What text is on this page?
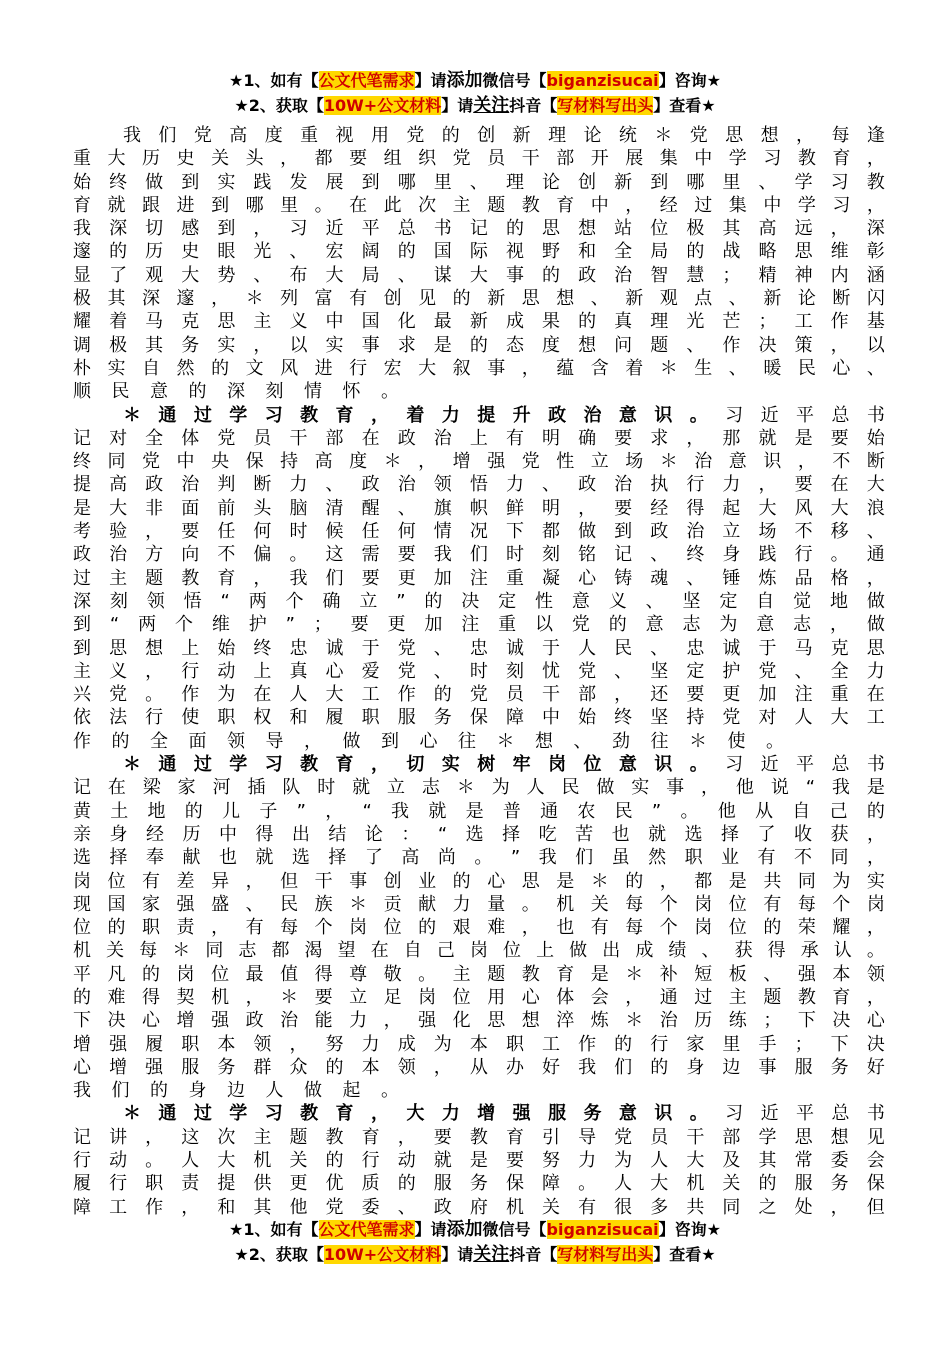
★1、如有【公文代笔需求】请添加微信号【biganzisucai】咨询★
★2、获取【10W+公文材料】请关注抖音【写材料写出头】查看★
我 们 党 高 度 重 视 用 党 的 创 新 理 论 统 ＊ 党 思 想 ， 每 逢
重 大 历 史 关 头 ， 都 要 组 织 党 员 干 部 开 展 集 中 学 习 教 育 ，
始 终 做 到 实 践 发 展 到 哪 里 、 理 论 创 新 到 哪 里 、 学 习 教
育 就 跟 进 到 哪 里 。 在 此 次 主 题 教 育 中 ， 经 过 集 中 学 习 ，
我 深 切 感 到 ， 习 近 平 总 书 记 的 思 想 站 位 极 其 高 远 ， 深
邃 的 历 史 眼 光 、 宏 阔 的 国 际 视 野 和 全 局 的 战 略 思 维 彰
显 了 观 大 势 、 布 大 局 、 谋 大 事 的 政 治 智 慧 ； 精 神 内 涵
极 其 深 邃 ， ＊ 列 富 有 创 见 的 新 思 想 、 新 观 点 、 新 论 断 闪
耀 着 马 克 思 主 义 中 国 化 最 新 成 果 的 真 理 光 芒 ； 工 作 基
调 极 其 务 实 ， 以 实 事 求 是 的 态 度 想 问 题 、 作 决 策 ， 以
朴 实 自 然 的 文 风 进 行 宏 大 叙 事 ， 蕴 含 着 ＊ 生 、 暖 民 心 、
顺 民 意 的 深 刻 情 怀 。
＊ 通 过 学 习 教 育 ， 着 力 提 升 政 治 意 识 。 习 近 平 总 书
记 对 全 体 党 员 干 部 在 政 治 上 有 明 确 要 求 ， 那 就 是 要 始
终 同 党 中 央 保 持 高 度 ＊ ， 增 强 党 性 立 场 ＊ 治 意 识 ， 不 断
提 高 政 治 判 断 力 、 政 治 领 悟 力 、 政 治 执 行 力 ， 要 在 大
是 大 非 面 前 头 脑 清 醒 、 旗 帜 鲜 明 ， 要 经 得 起 大 风 大 浪
考 验 ， 要 任 何 时 候 任 何 情 况 下 都 做 到 政 治 立 场 不 移 、
政 治 方 向 不 偏 。 这 需 要 我 们 时 刻 铭 记 、 终 身 践 行 。 通
过 主 题 教 育 ， 我 们 要 更 加 注 重 凝 心 铸 魂 、 锤 炼 品 格 ，
深 刻 领 悟 “ 两 个 确 立 ” 的 决 定 性 意 义 、 坚 定 自 觉 地 做
到 “ 两 个 维 护 ” ； 要 更 加 注 重 以 党 的 意 志 为 意 志 ， 做
到 思 想 上 始 终 忠 诚 于 党 、 忠 诚 于 人 民 、 忠 诚 于 马 克 思
主 义 ， 行 动 上 真 心 爱 党 、 时 刻 忧 党 、 坚 定 护 党 、 全 力
兴 党 。 作 为 在 人 大 工 作 的 党 员 干 部 ， 还 要 更 加 注 重 在
依 法 行 使 职 权 和 履 职 服 务 保 障 中 始 终 坚 持 党 对 人 大 工
作 的 全 面 领 导 ， 做 到 心 往 ＊ 想 、 劲 往 ＊ 使 。
＊ 通 过 学 习 教 育 ， 切 实 树 牢 岗 位 意 识 。 习 近 平 总 书
记 在 梁 家 河 插 队 时 就 立 志 ＊ 为 人 民 做 实 事 ， 他 说 “ 我 是
黄 土 地 的 儿 子 ” ， “ 我 就 是 普 通 农 民 ” 。 他 从 自 己 的
亲 身 经 历 中 得 出 结 论 ： “ 选 择 吃 苦 也 就 选 择 了 收 获 ，
选 择 奉 献 也 就 选 择 了 高 尚 。 ” 我 们 虽 然 职 业 有 不 同 ，
岗 位 有 差 异 ， 但 干 事 创 业 的 心 思 是 ＊ 的 ， 都 是 共 同 为 实
现 国 家 强 盛 、 民 族 ＊ 贡 献 力 量 。 机 关 每 个 岗 位 有 每 个 岗
位 的 职 责 ， 有 每 个 岗 位 的 艰 难 ， 也 有 每 个 岗 位 的 荣 耀 ，
机 关 每 ＊ 同 志 都 渴 望 在 自 己 岗 位 上 做 出 成 绩 、 获 得 承 认 。
平 凡 的 岗 位 最 值 得 尊 敬 。 主 题 教 育 是 ＊ 补 短 板 、 强 本 领
的 难 得 契 机 ， ＊ 要 立 足 岗 位 用 心 体 会 ， 通 过 主 题 教 育 ，
下 决 心 增 强 政 治 能 力 ， 强 化 思 想 淬 炼 ＊ 治 历 练 ； 下 决 心
增 强 履 职 本 领 ， 努 力 成 为 本 职 工 作 的 行 家 里 手 ； 下 决
心 增 强 服 务 群 众 的 本 领 ， 从 办 好 我 们 的 身 边 事 服 务 好
我 们 的 身 边 人 做 起 。
＊ 通 过 学 习 教 育 ， 大 力 增 强 服 务 意 识 。 习 近 平 总 书
记 讲 ， 这 次 主 题 教 育 ， 要 教 育 引 导 党 员 干 部 学 思 想 见
行 动 。 人 大 机 关 的 行 动 就 是 要 努 力 为 人 大 及 其 常 委 会
履 行 职 责 提 供 更 优 质 的 服 务 保 障 。 人 大 机 关 的 服 务 保
障 工 作 ， 和 其 他 党 委 、 政 府 机 关 有 很 多 共 同 之 处 ， 但
★1、如有【公文代笔需求】请添加微信号【biganzisucai】咨询★
★2、获取【10W+公文材料】请关注抖音【写材料写出头】查看★
